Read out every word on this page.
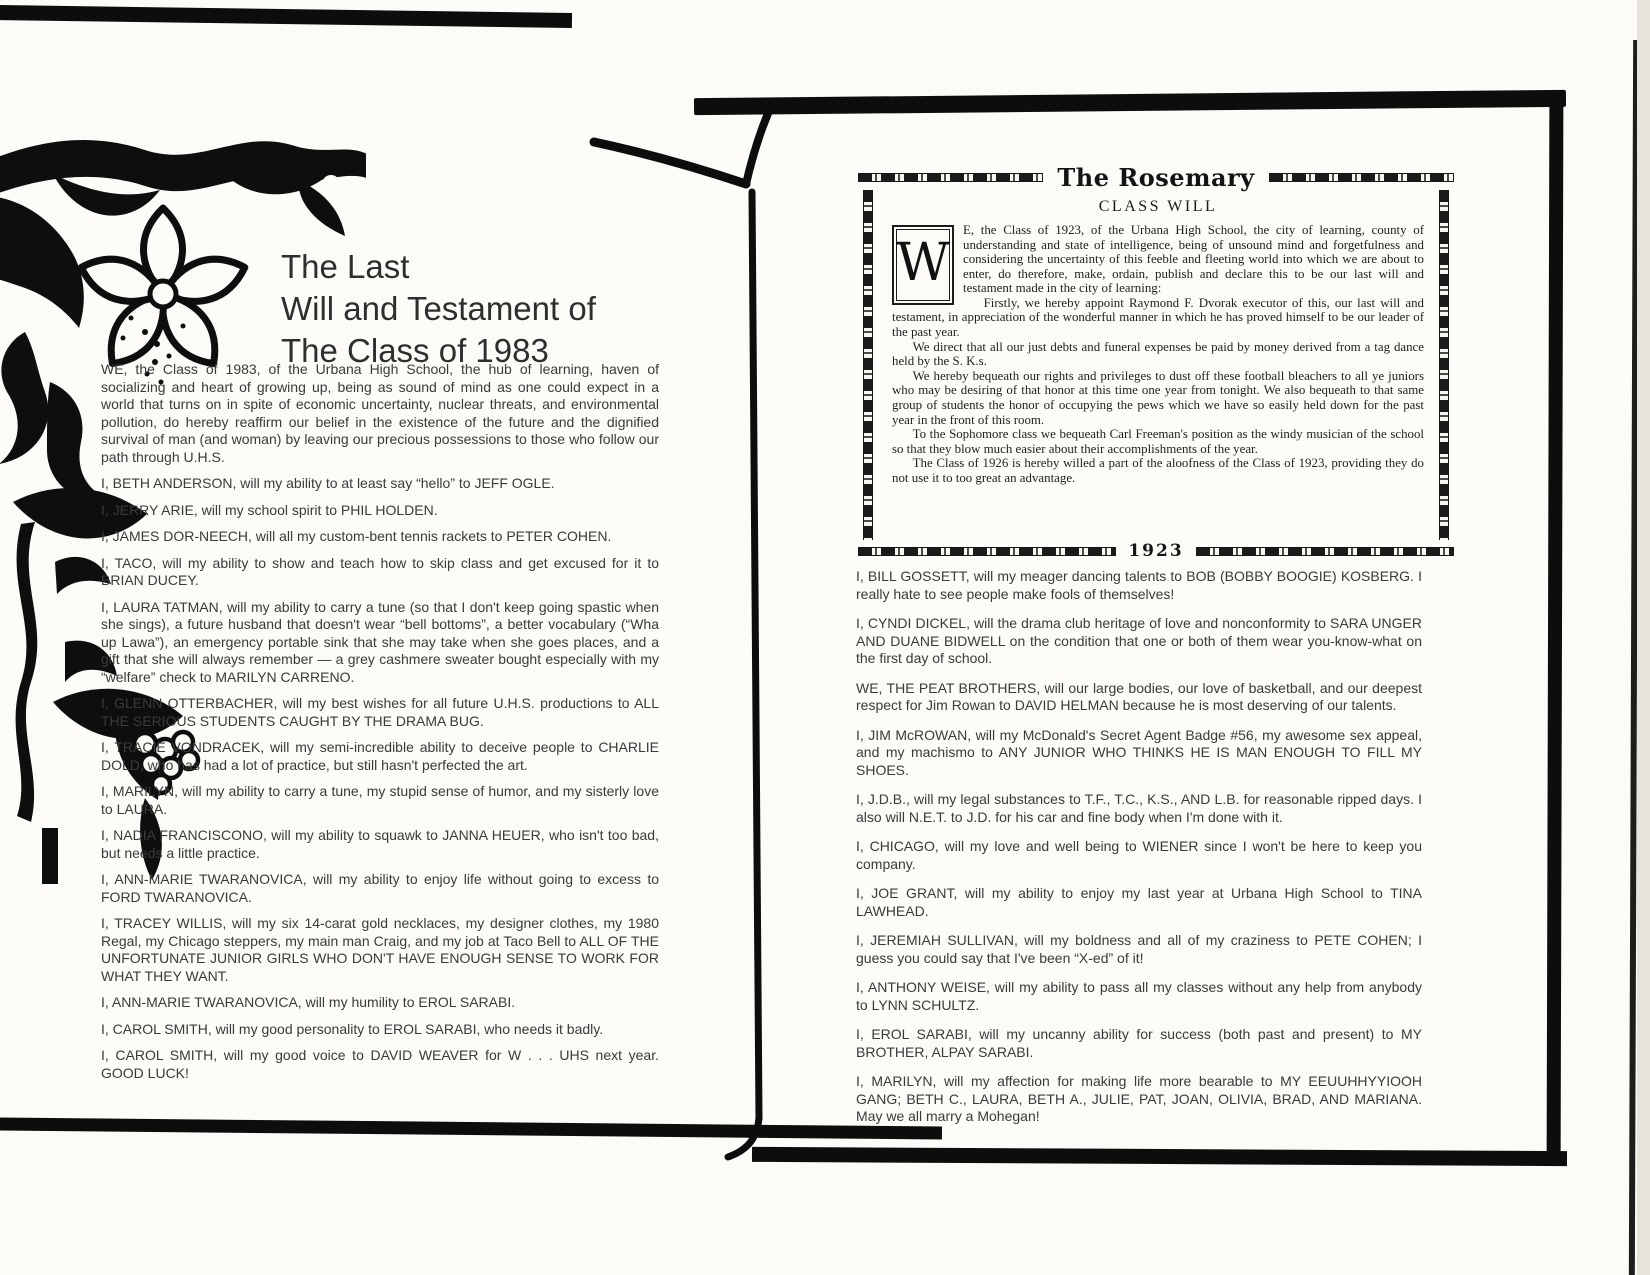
The Last
Will and Testament of
The Class of 1983

WE, the Class of 1983, of the Urbana High School, the hub of learning, haven of socializing and heart of growing up, being as sound of mind as one could expect in a world that turns on in spite of economic uncertainty, nuclear threats, and environmental pollution, do hereby reaffirm our belief in the existence of the future and the dignified survival of man (and woman) by leaving our precious possessions to those who follow our path through U.H.S.

I, BETH ANDERSON, will my ability to at least say “hello” to JEFF OGLE.

I, JERRY ARIE, will my school spirit to PHIL HOLDEN.

I, JAMES DOR-NEECH, will all my custom-bent tennis rackets to PETER COHEN.

I, TACO, will my ability to show and teach how to skip class and get excused for it to BRIAN DUCEY.

I, LAURA TATMAN, will my ability to carry a tune (so that I don't keep going spastic when she sings), a future husband that doesn't wear “bell bottoms”, a better vocabulary (“Wha up Lawa”), an emergency portable sink that she may take when she goes places, and a gift that she will always remember — a grey cashmere sweater bought especially with my “welfare” check to MARILYN CARRENO.

I, GLENN OTTERBACHER, will my best wishes for all future U.H.S. productions to ALL THE SERIOUS STUDENTS CAUGHT BY THE DRAMA BUG.

I, TRACIE VONDRACEK, will my semi-incredible ability to deceive people to CHARLIE DOLD, who has had a lot of practice, but still hasn't perfected the art.

I, MARILYN, will my ability to carry a tune, my stupid sense of humor, and my sisterly love to LAURA.

I, NADIA FRANCISCONO, will my ability to squawk to JANNA HEUER, who isn't too bad, but needs a little practice.

I, ANN-MARIE TWARANOVICA, will my ability to enjoy life without going to excess to FORD TWARANOVICA.

I, TRACEY WILLIS, will my six 14-carat gold necklaces, my designer clothes, my 1980 Regal, my Chicago steppers, my main man Craig, and my job at Taco Bell to ALL OF THE UNFORTUNATE JUNIOR GIRLS WHO DON'T HAVE ENOUGH SENSE TO WORK FOR WHAT THEY WANT.

I, ANN-MARIE TWARANOVICA, will my humility to EROL SARABI.

I, CAROL SMITH, will my good personality to EROL SARABI, who needs it badly.

I, CAROL SMITH, will my good voice to DAVID WEAVER for W . . . UHS next year. GOOD LUCK!

The Rosemary
CLASS WILL

W
E, the Class of 1923, of the Urbana High School, the city of learning, county of understanding and state of intelligence, being of unsound mind and forgetfulness and considering the uncertainty of this feeble and fleeting world into which we are about to enter, do therefore, make, ordain, publish and declare this to be our last will and testament made in the city of learning:

Firstly, we hereby appoint Raymond F. Dvorak executor of this, our last will and testament, in appreciation of the wonderful manner in which he has proved himself to be our leader of the past year.

We direct that all our just debts and funeral expenses be paid by money derived from a tag dance held by the S. K.s.

We hereby bequeath our rights and privileges to dust off these football bleachers to all ye juniors who may be desiring of that honor at this time one year from tonight. We also bequeath to that same group of students the honor of occupying the pews which we have so easily held down for the past year in the front of this room.

To the Sophomore class we bequeath Carl Freeman's position as the windy musician of the school so that they blow much easier about their accomplishments of the year.

The Class of 1926 is hereby willed a part of the aloofness of the Class of 1923, providing they do not use it to too great an advantage.

1923

I, BILL GOSSETT, will my meager dancing talents to BOB (BOBBY BOOGIE) KOSBERG. I really hate to see people make fools of themselves!

I, CYNDI DICKEL, will the drama club heritage of love and nonconformity to SARA UNGER AND DUANE BIDWELL on the condition that one or both of them wear you-know-what on the first day of school.

WE, THE PEAT BROTHERS, will our large bodies, our love of basketball, and our deepest respect for Jim Rowan to DAVID HELMAN because he is most deserving of our talents.

I, JIM McROWAN, will my McDonald's Secret Agent Badge #56, my awesome sex appeal, and my machismo to ANY JUNIOR WHO THINKS HE IS MAN ENOUGH TO FILL MY SHOES.

I, J.D.B., will my legal substances to T.F., T.C., K.S., AND L.B. for reasonable ripped days. I also will N.E.T. to J.D. for his car and fine body when I'm done with it.

I, CHICAGO, will my love and well being to WIENER since I won't be here to keep you company.

I, JOE GRANT, will my ability to enjoy my last year at Urbana High School to TINA LAWHEAD.

I, JEREMIAH SULLIVAN, will my boldness and all of my craziness to PETE COHEN; I guess you could say that I've been “X-ed” of it!

I, ANTHONY WEISE, will my ability to pass all my classes without any help from anybody to LYNN SCHULTZ.

I, EROL SARABI, will my uncanny ability for success (both past and present) to MY BROTHER, ALPAY SARABI.

I, MARILYN, will my affection for making life more bearable to MY EEUUHHYYIOOH GANG; BETH C., LAURA, BETH A., JULIE, PAT, JOAN, OLIVIA, BRAD, AND MARIANA. May we all marry a Mohegan!
